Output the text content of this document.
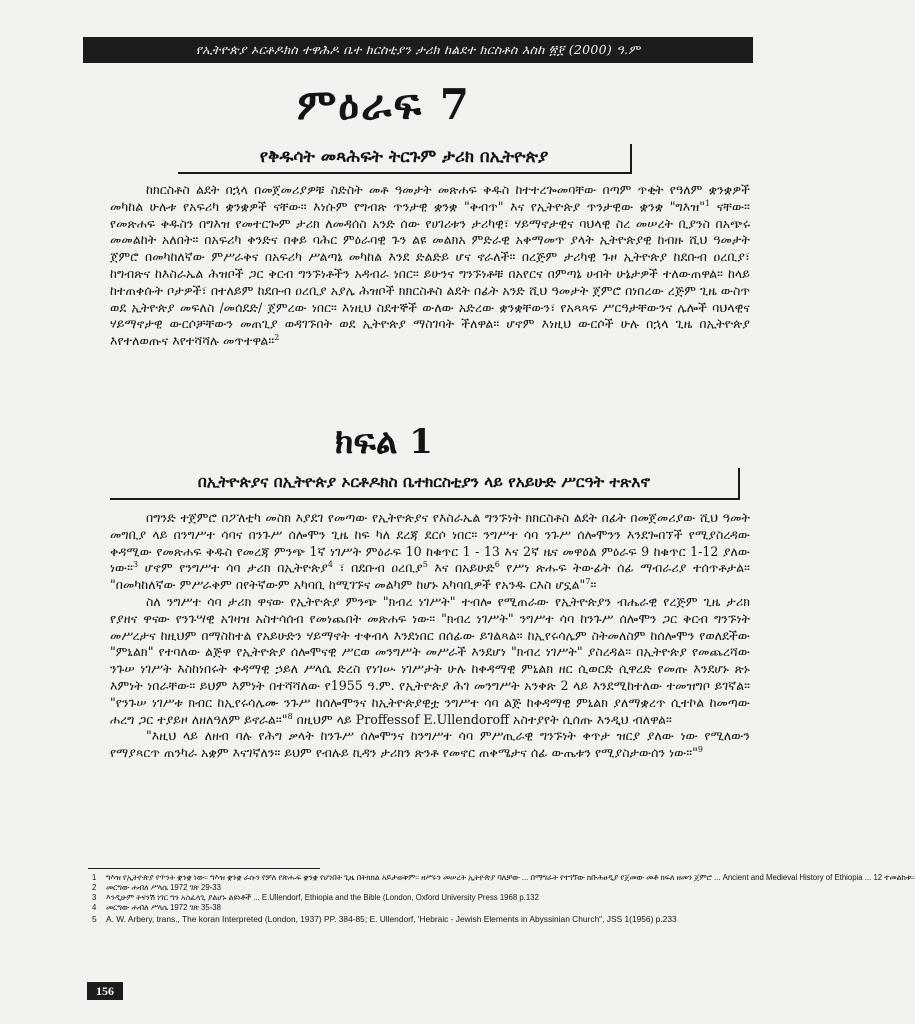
የኢትዮጵያ ኦርቶዶክስ ተዋሕዶ ቤተ ክርስቲያን ታሪክ ከልደተ ክርስቶስ እስከ ፳፻ (2000) ዓ.ም
ምዕራፍ 7
የቅዱሳት መጻሕፍት ትርጉም ታሪክ በኢትዮጵያ

ከክርስቶስ ልደት በኋላ በመጀመሪያዎቹ ስድስት መቶ ዓመታት መጽሐፍ ቅዱስ ከተተረጐመባቸው በጣም ጥቂት የዓለም ቋንቋዎች መካከል ሁሉቱ የአፍሪካ ቋንቋዎች ናቸው። እነሱም የግብጽ ጥንታዊ ቋንቋ "ቅብጥ" እና የኢትዮጵያ ጥንታዊው ቋንቋ "ግእዝ"$^1$ ናቸው። የመጽሐፍ ቅዱስን በግእዝ የመተርጐም ታሪክ ለመዳሰስ አንድ ሰው የሀገሪቱን ታሪካዊ፣ ሃይማኖታዊና ባህላዊ ስረ መሠረት ቢያንስ በአጭሩ መመልከት አለበት። በአፍሪካ ቀንድና በቀይ ባሕር ምዕራባዊ ጉን ልዩ መልክአ ምድራዊ አቀማመጥ ያላት ኢትዮጵያዊ ከብዙ ሺህ ዓመታት ጀምሮ በመካከለኛው ምሥራቅና በአፍሪካ ሥልጣኔ መካከል እንደ ድልድይ ሆና ኖራለች። በረጅም ታሪካዊ ጉዞ ኢትዮጵያ ከደቡብ ዐረቢያ፣ ከግብጽና ከእስራኤል ሕዝቦች ጋር ቅርብ ግንኙነቶችን አዳብራ ነበር። ይሁንና ግንኙነቶቹ በአየርና በምጣኔ ሀብት ሁኔታዎች ተለውጠዋል። ከላይ ከተጠቀሱት ቦታዎች፣ በተለይም ከደቡብ ዐረቢያ አያሌ ሕዝቦች ክክርስቶስ ልደት በፊት አንድ ሺህ ዓመታት ጀምሮ በነበረው ረጅም ጊዜ ውስጥ ወደ ኢትዮጵያ መፍለስ /መሰደድ/ ጀምረው ነበር። እነዚህ ስደተኞች ውለው አድረው ቋንቋቸውን፣ የአጻጻፍ ሥርዓታቸውንና ሌሎች ባህላዊና ሃይማኖታዊ ውርሶቻቸውን መጠጊያ ወዳገኙበት ወደ ኢትዮጵያ ማስገባት ችለዋል። ሆኖም እነዚህ ውርሶች ሁሉ በኋላ ጊዜ በኢትዮጵያ እየተለወጡና እየተሻሻሉ መጥተዋል።$^2$

ክፍል 1
በኢትዮጵያና በኢትዮጵያ ኦርቶዶክስ ቤተክርስቲያን ላይ የአይሁድ ሥርዓት ተጽእኖ

በግንድ ተጀምሮ በፖለቲካ መስክ እያደገ የመጣው የኢትዮጵያና የእስራኤል ግንኙነት ክክርስቶስ ልደት በፊት በመጀመሪያው ሺህ ዓመት መግቢያ ላይ በንግሥተ ሳባና በንጉሥ ሰሎሞን ጊዜ ከፍ ካለ ደረጃ ደርሶ ነበር። ንግሥተ ሳባ ንጉሥ ሰሎሞንን እንደጐበኘች የሚያስረዳው ቀዳሚው የመጽሐፍ ቅዱስ የመረጃ ምንጭ 1ኛ ነገሥት ምዕራፍ 10 ከቁጥር 1 - 13 እና 2ኛ ዜና መዋዕል ምዕራፍ 9 ከቁጥር 1-12 ያለው ነው።$^3$ ሆኖም የንግሥተ ሳባ ታሪክ በኢትዮጵያ$^4$ ፣ በደቡብ ዐረቢያ$^5$ እና በአይሁድ$^6$ የሥነ ጽሑፍ ትውፊት ሰፊ ማብራሪያ ተሰጥቶታል። "በመካከለኛው ምሥራቅም በየትኛውም አካባቢ ከሚገኙና መልካም ከሆኑ አካባቢዎች የአንዱ ርእስ ሆኗል"$^7$።

ስለ ንግሥተ ሳባ ታሪክ ዋናው የኢትዮጵያ ምንጭ "ክብረ ነገሥት" ተብሎ የሚጠራው የኢትዮጵያን ብሔራዊ የረጅም ጊዜ ታሪክ የያዘና ዋናው የንጉሣዊ አገዛዝ አስተሳሰብ የመነጨበት መጽሐፍ ነው። "ክብረ ነገሥት" ንግሥተ ሳባ ከንጉሥ ሰሎሞን ጋር ቅርብ ግንኙነት መሥረታና ከዚህም በማስከተል የአይሁድን ሃይማኖት ተቀብላ እንደነበር በሰፊው ይገልጻል። ከኢየሩሳሌም ስትመለስም ከሰሎሞን የወለደችው "ምኒልክ" የተባለው ልጅዋ የኢትዮጵያ ሰሎሞናዊ ሥርወ መንግሥት መሥራች እንደሆነ "ክብረ ነገሥት" ያስረዳል። በኢትዮጵያ የመጨረሻው ንጉሠ ነገሥት እስከነበሩት ቀዳማዊ ኃይለ ሥላሴ ድረስ የነገሡ ነገሥታት ሁሉ ከቀዳማዊ ምኒልክ ዘር ሲወርድ ሲዋረድ የመጡ እንደሆኑ ጽኑ እምነት ነበራቸው። ይህም እምነት በተሻሻለው የ1955 ዓ.ም. የኢትዮጵያ ሕገ መንግሥት አንቀጽ 2 ላይ እንደሚከተለው ተመዝግቦ ይገኛል። "የንጉሠ ነገሥቱ ክብር ከኢየሩሳሌሙ ንጉሥ ከሰሎሞንና ከኢትዮጵያዊቷ ንግሥተ ሳባ ልጅ ከቀዳማዊ ምኒልክ ያለማቋረጥ ሲተኮል ከመጣው ሐረግ ጋር ተያይዞ ለዘለዓለም ይኖራል።"$^8$ በዚህም ላይ Proffessof E.Ullendoroff አስተያየት ሲሰጡ እንዲህ ብለዋል።

"እዚህ ላይ ለዘብ ባሉ የሕግ ቃላት ከንጉሥ ሰሎሞንና ከንግሥተ ሳባ ምሥጢራዊ ግንኙነት ቀጥታ ዝርያ ያለው ነው የሚለውን የማያጻርጥ ጠንካራ አቋም እናገኛለን። ይህም የብሉይ ኪዳን ታሪክን ጽንቶ የመኖር ጠቀሜታና ሰፊ ውጤቱን የሚያስታውሰን ነው።"$^9$

1	ግእዝ የኢትዮጵያ የጥንት ቋንቋ ነው። ግእዝ ቋንቋ ራሱን የቻለ የጽሑፍ ቋንቋ የሆነበት ጊዜ በትክክል አይታወቅም። ዘሥሩን መሠረት ኢትዮጵያ ባለቻው ... በማግራት የተገኘው ክቡሕፀዲያ የጀመው መቶ ክፍለ ዘመን ጀምሮ ... Ancient and Medieval History of Ethiopia ... 12 ተመልከቱ።
2	መርግው ሐብለ ሥላሴ 1972 ገጽ 29-33
3	እንዲሁም ትናንሽ ነገር ግን አስፈላጊ ያልሆኑ ልዩነቶች ... E.Ullendorf, Ethiopia and the Bible (London, Oxford University Press 1968 p.132
4	መርግው ሐብለ ሥላሴ 1972 ገጽ 35-38
5	A. W. Arbery, trans., The koran Interpreted (London, 1937) PP. 384-85; E. Ullendorf, 'Hebraic - Jewish Elements in Abyssinian Church", JSS 1(1956) p.233
156
